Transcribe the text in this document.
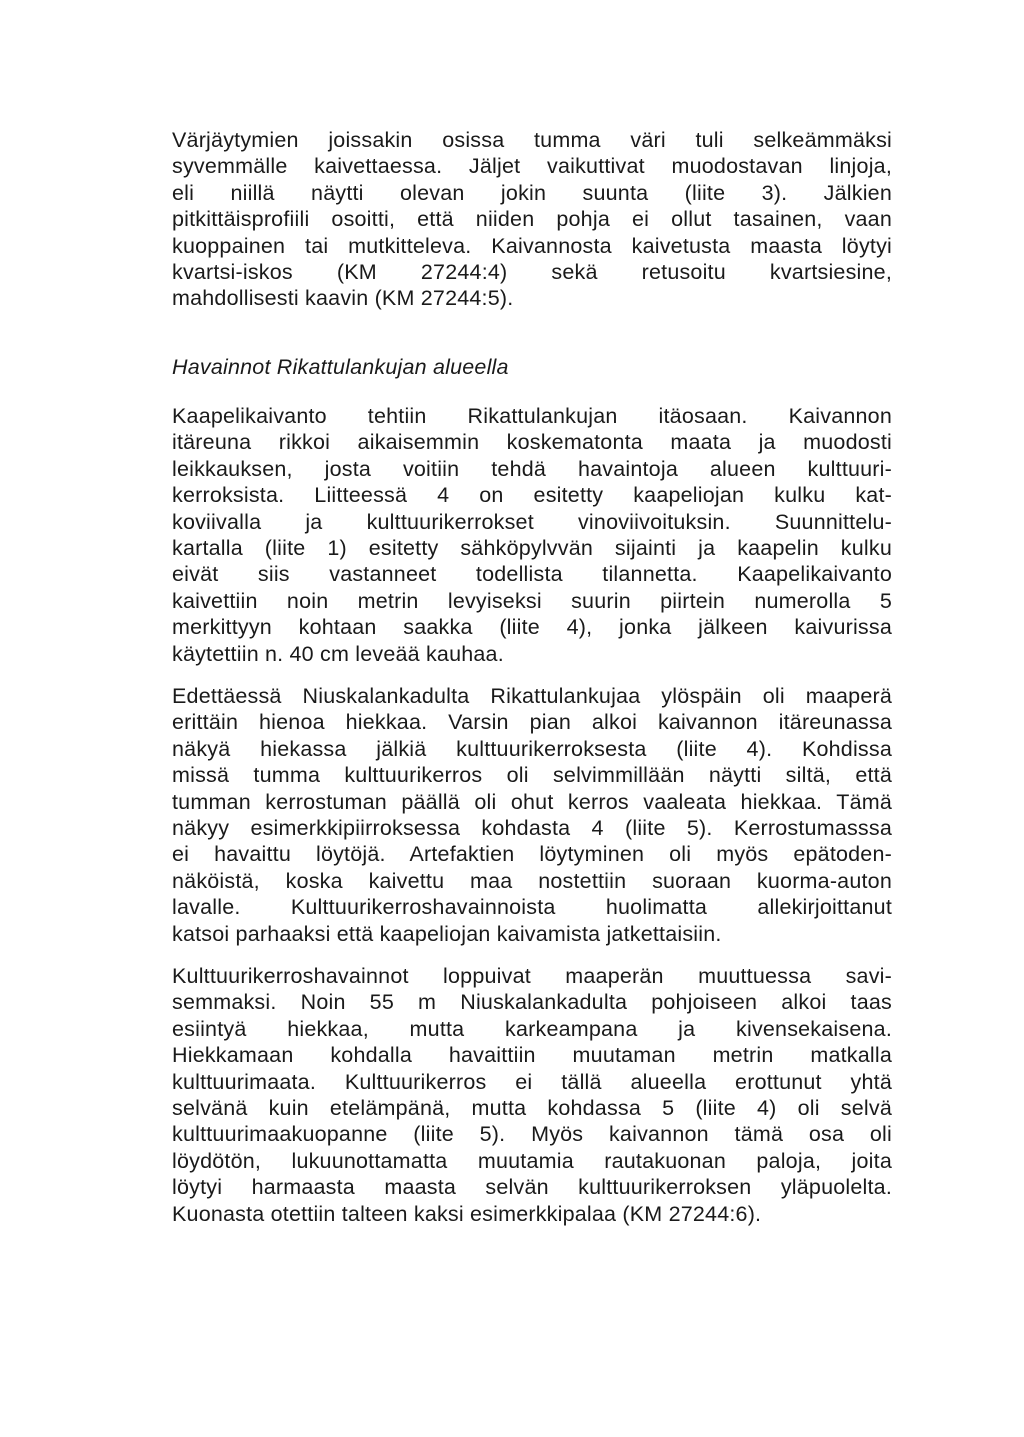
Värjäytymien joissakin osissa tumma väri tuli selkeämmäksi
syvemmälle kaivettaessa. Jäljet vaikuttivat muodostavan linjoja,
eli niillä näytti olevan jokin suunta (liite 3). Jälkien
pitkittäisprofiili osoitti, että niiden pohja ei ollut tasainen, vaan
kuoppainen tai mutkitteleva. Kaivannosta kaivetusta maasta löytyi
kvartsi-iskos (KM 27244:4) sekä retusoitu kvartsiesine,
mahdollisesti kaavin (KM 27244:5).
Havainnot Rikattulankujan alueella
Kaapelikaivanto tehtiin Rikattulankujan itäosaan. Kaivannon
itäreuna rikkoi aikaisemmin koskematonta maata ja muodosti
leikkauksen, josta voitiin tehdä havaintoja alueen kulttuuri-
kerroksista. Liitteessä 4 on esitetty kaapeliojan kulku kat-
koviivalla ja kulttuurikerrokset vinoviivoituksin. Suunnittelu-
kartalla (liite 1) esitetty sähköpylvvän sijainti ja kaapelin kulku
eivät siis vastanneet todellista tilannetta. Kaapelikaivanto
kaivettiin noin metrin levyiseksi suurin piirtein numerolla 5
merkittyyn kohtaan saakka (liite 4), jonka jälkeen kaivurissa
käytettiin n. 40 cm leveää kauhaa.
Edettäessä Niuskalankadulta Rikattulankujaa ylöspäin oli maaperä
erittäin hienoa hiekkaa. Varsin pian alkoi kaivannon itäreunassa
näkyä hiekassa jälkiä kulttuurikerroksesta (liite 4). Kohdissa
missä tumma kulttuurikerros oli selvimmillään näytti siltä, että
tumman kerrostuman päällä oli ohut kerros vaaleata hiekkaa. Tämä
näkyy esimerkkipiirroksessa kohdasta 4 (liite 5). Kerrostumasssa
ei havaittu löytöjä. Artefaktien löytyminen oli myös epätoden-
näköistä, koska kaivettu maa nostettiin suoraan kuorma-auton
lavalle. Kulttuurikerroshavainnoista huolimatta allekirjoittanut
katsoi parhaaksi että kaapeliojan kaivamista jatkettaisiin.
Kulttuurikerroshavainnot loppuivat maaperän muuttuessa savi-
semmaksi. Noin 55 m Niuskalankadulta pohjoiseen alkoi taas
esiintyä hiekkaa, mutta karkeampana ja kivensekaisena.
Hiekkamaan kohdalla havaittiin muutaman metrin matkalla
kulttuurimaata. Kulttuurikerros ei tällä alueella erottunut yhtä
selvänä kuin etelämpänä, mutta kohdassa 5 (liite 4) oli selvä
kulttuurimaakuopanne (liite 5). Myös kaivannon tämä osa oli
löydötön, lukuunottamatta muutamia rautakuonan paloja, joita
löytyi harmaasta maasta selvän kulttuurikerroksen yläpuolelta.
Kuonasta otettiin talteen kaksi esimerkkipalaa (KM 27244:6).
